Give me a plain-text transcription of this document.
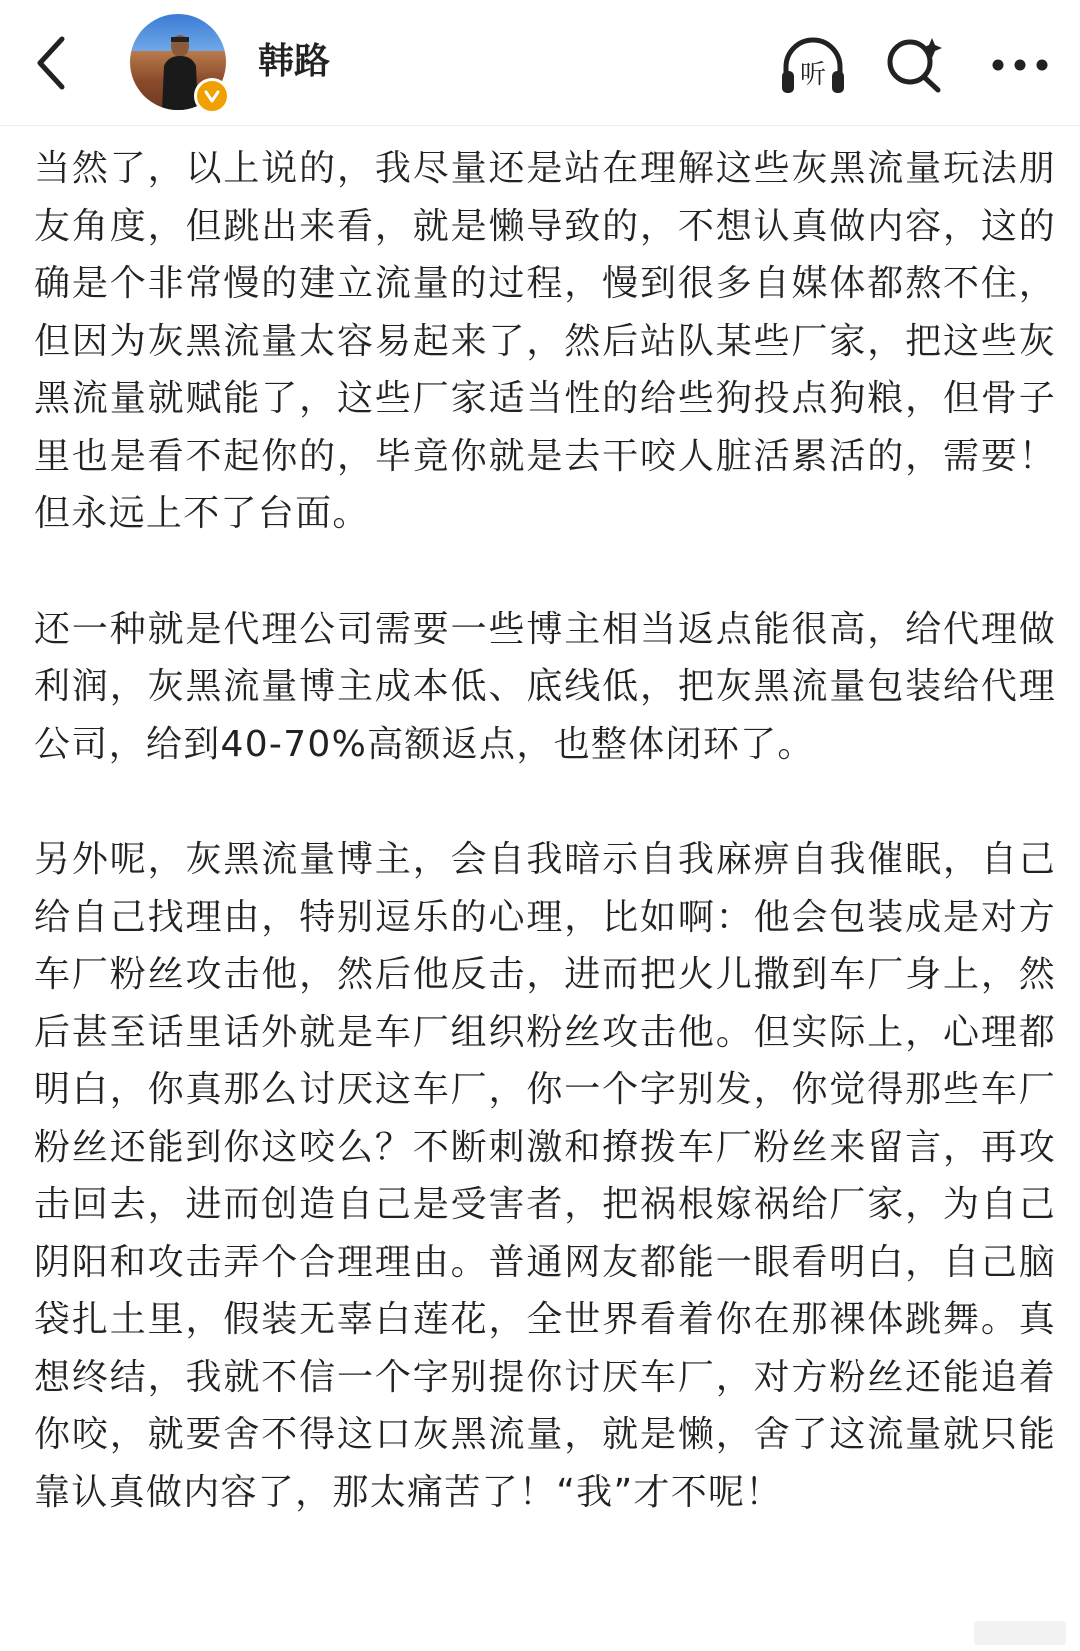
韩路	听

当然了，以上说的，我尽量还是站在理解这些灰黑流量玩法朋友角度，但跳出来看，就是懒导致的，不想认真做内容，这的确是个非常慢的建立流量的过程，慢到很多自媒体都熬不住，但因为灰黑流量太容易起来了，然后站队某些厂家，把这些灰黑流量就赋能了，这些厂家适当性的给些狗投点狗粮，但骨子里也是看不起你的，毕竟你就是去干咬人脏活累活的，需要！但永远上不了台面。

还一种就是代理公司需要一些博主相当返点能很高，给代理做利润，灰黑流量博主成本低、底线低，把灰黑流量包装给代理公司，给到40-70%高额返点，也整体闭环了。

另外呢，灰黑流量博主，会自我暗示自我麻痹自我催眠，自己给自己找理由，特别逗乐的心理，比如啊：他会包装成是对方车厂粉丝攻击他，然后他反击，进而把火儿撒到车厂身上，然后甚至话里话外就是车厂组织粉丝攻击他。但实际上，心理都明白，你真那么讨厌这车厂，你一个字别发，你觉得那些车厂粉丝还能到你这咬么？不断刺激和撩拨车厂粉丝来留言，再攻击回去，进而创造自己是受害者，把祸根嫁祸给厂家，为自己阴阳和攻击弄个合理理由。普通网友都能一眼看明白，自己脑袋扎土里，假装无辜白莲花，全世界看着你在那裸体跳舞。真想终结，我就不信一个字别提你讨厌车厂，对方粉丝还能追着你咬，就要舍不得这口灰黑流量，就是懒，舍了这流量就只能靠认真做内容了，那太痛苦了！“我”才不呢！
